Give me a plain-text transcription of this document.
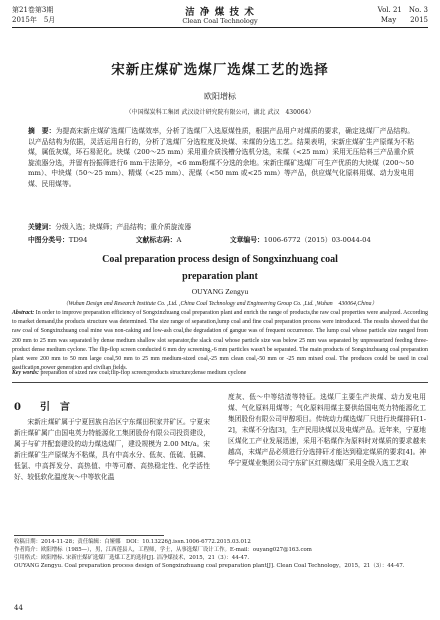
第21卷第3期
2015年　5月
洁 净 煤 技 术
Clean Coal Technology
Vol. 21　No. 3
May　　2015
宋新庄煤矿选煤厂选煤工艺的选择
欧阳增标
（中国煤炭科工集团 武汉设计研究院有限公司，湖北 武汉　430064）
摘　要：为提高宋新庄煤矿选煤厂选煤效率，分析了选煤厂入选原煤性质，根据产品用户对煤质的要求，确定选煤厂产品结构。以产品结构为依据，灵活运用自行的，分析了选煤厂分选粒度及块煤、末煤的分选工艺。结果表明，宋新庄煤矿生产原煤为不粘煤，属低灰煤，环石易泥化。块煤（200～25 mm）采用重介质浅槽分选机分选，末煤（<25 mm）采用无压给料三产品重介质旋流器分选，并留有扮振筛进行6 mm干法筛分，<6 mm粉煤不分选的余地。宋新庄煤矿选煤厂可生产优质的大块煤（200～50 mm）、中块煤（50～25 mm）、精煤（<25 mm）、泥煤（<50 mm 或<25 mm）等产品，供应煤气化原料用煤、动力发电用煤、民用煤等。
关键词：分级入选；块煤筛；产品结构；重介质旋流器
中图分类号：TD94	文献标志码：A	文章编号：1006-6772（2015）03-0044-04
Coal preparation process design of Songxinzhuang coal
preparation plant
OUYANG Zengyu
（Wuhan Design and Research Institute Co. ,Ltd. ,China Coal Technology and Engineering Group Co. ,Ltd. ,Wuhan　430064,China）
Abstract: In order to improve preparation efficiency of Songxinzhuang coal preparation plant and enrich the range of products,the raw coal properties were analyzed. According to market demand,the products structure was determined. The size range of separation,lump coal and fine coal preparation process were introduced. The results showed that the raw coal of Songxinzhuang coal mine was non-caking and low-ash coal,the degradation of gangue was of frequent occurrence. The lump coal whose particle size ranged from 200 mm to 25 mm was separated by dense medium shallow slot separator,the slack coal whose particle size was below 25 mm was separated by unpressurized feeding three-product dense medium cyclone. The flip-flop screen conducted 6 mm dry screening,-6 mm particles wasn't be separated. The main products of Songxinzhuang coal preparation plant were 200 mm to 50 mm large coal,50 mm to 25 mm medium-sized coal,-25 mm clean coal,-50 mm or -25 mm mixed coal. The produces could be used in coal gasification,power generation and civilian fields.
Key words: preparation of sized raw coal;flip-flop screen;products structure;dense medium cyclone
0 引　言
宋新庄煤矿属于宁夏回族自治区宁东煤田积家井矿区。宁夏宋新庄煤矿属广由国电英力特能源化工集团股份有限公司投资建设，属于与矿井配套建设的动力煤选煤厂，建设规模为 2.00 Mt/a。宋新庄煤矿生产原煤为不粘煤，具有中高水分、低灰、低硫、低磷、低氯、中高挥发分、高热值、中等可磨、高热稳定性、化学活性好、较低软化温度灰～中等软化温
度灰、低～中等结渣等特征。选煤厂主要生产块煤、动力发电用煤、气化原料用煤等；气化原料用煤主要供给国电英力特能源化工集团股份有限公司甲醇项目。传统动力煤选煤厂只进行块煤排矸[1-2]，末煤不分选[3]，生产民用块煤以及电煤产品。近年来，宁夏地区煤化工产业发展迅速，采用不粘煤作为原料时对煤质的要求越来越高，末煤产品必须进行分选排矸才能达到稳定煤质的要求[4]。神华宁夏煤业集团公司宁东矿区红柳选煤厂采用全级入选工艺取
收稿日期：2014-11-28；责任编辑：白娅娜　DOI：10.13226/j.issn.1006-6772.2015.03.012
作者简介：欧阳增标（1985—），男，江西莲县人，工程师，学士，从事选煤厂设计工作。E-mail：ouyang027@163.com
引用格式：欧阳增标. 宋新庄煤矿选煤厂选煤工艺的选择[J]. 洁净煤技术，2015，21（3）：44-47.
OUYANG Zengyu. Coal preparation process design of Songxinzhuang coal preparation plant[J]. Clean Coal Technology，2015，21（3）：44-47.
44
